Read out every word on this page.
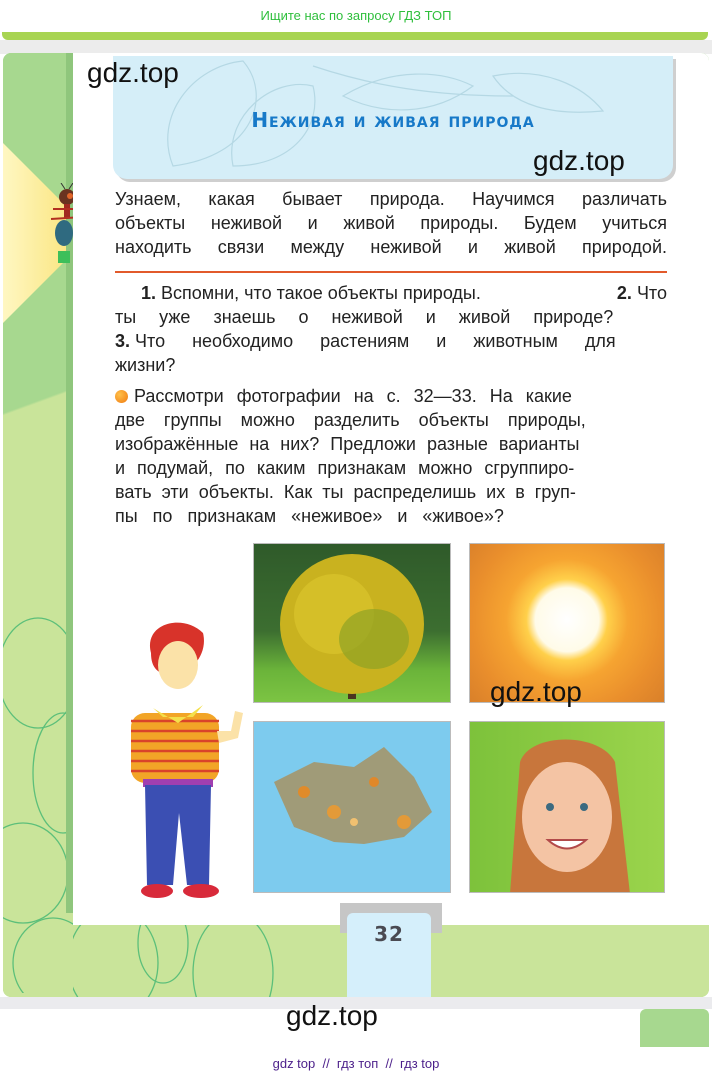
Ищите нас по запросу ГДЗ ТОП
Неживая и живая природа

Узнаем, какая бывает природа. Научимся различать

объекты неживой и живой природы. Будем учиться

находить связи между неживой и живой природой.

1. Вспомни, что такое объекты природы.	2. Что
ты уже знаешь о неживой и живой природе?
3. Что необходимо растениям и животным для
жизни?
Рассмотри фотографии на с. 32—33. На какие
две группы можно разделить объекты природы,
изображённые на них? Предложи разные варианты
и подумай, по каким признакам можно сгруппиро-
вать эти объекты. Как ты распределишь их в груп-
пы по признакам «неживое» и «живое»?
gdz.top
gdz.top
gdz.top
32
gdz.top
gdz top  //  гдз топ  //  гдз top
